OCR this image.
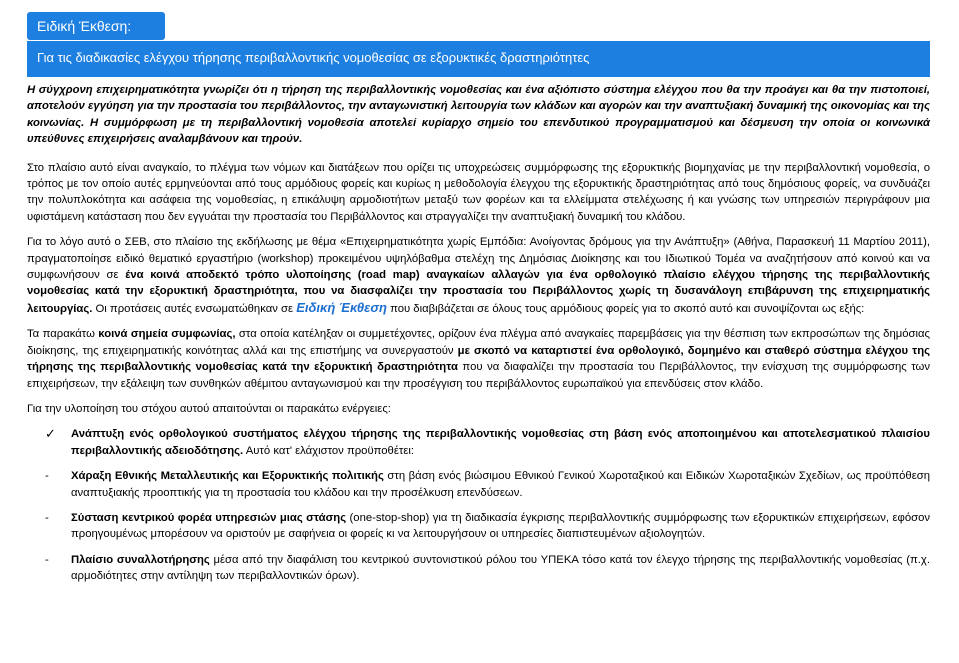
Ειδική Έκθεση:
Για τις διαδικασίες ελέγχου τήρησης περιβαλλοντικής νομοθεσίας σε εξορυκτικές δραστηριότητες

Η σύγχρονη επιχειρηματικότητα γνωρίζει ότι η τήρηση της περιβαλλοντικής νομοθεσίας και ένα αξιόπιστο σύστημα ελέγχου που θα την προάγει και θα την πιστοποιεί, αποτελούν εγγύηση για την προστασία του περιβάλλοντος, την ανταγωνιστική λειτουργία των κλάδων και αγορών και την αναπτυξιακή δυναμική της οικονομίας και της κοινωνίας. Η συμμόρφωση με τη περιβαλλοντική νομοθεσία αποτελεί κυρίαρχο σημείο του επενδυτικού προγραμματισμού και δέσμευση την οποία οι κοινωνικά υπεύθυνες επιχειρήσεις αναλαμβάνουν και τηρούν.

Στο πλαίσιο αυτό είναι αναγκαίο, το πλέγμα των νόμων και διατάξεων που ορίζει τις υποχρεώσεις συμμόρφωσης της εξορυκτικής βιομηχανίας με την περιβαλλοντική νομοθεσία, ο τρόπος με τον οποίο αυτές ερμηνεύονται από τους αρμόδιους φορείς και κυρίως η μεθοδολογία έλεγχου της εξορυκτικής δραστηριότητας από τους δημόσιους φορείς, να συνδυάζει την πολυπλοκότητα και ασάφεια της νομοθεσίας, η επικάλυψη αρμοδιοτήτων μεταξύ των φορέων και τα ελλείμματα στελέχωσης ή και γνώσης των υπηρεσιών περιγράφουν μια υφιστάμενη κατάσταση που δεν εγγυάται την προστασία του Περιβάλλοντος και στραγγαλίζει την αναπτυξιακή δυναμική του κλάδου.

Για το λόγο αυτό ο ΣΕΒ, στο πλαίσιο της εκδήλωσης με θέμα «Επιχειρηματικότητα χωρίς Εμπόδια: Ανοίγοντας δρόμους για την Ανάπτυξη» (Αθήνα, Παρασκευή 11 Μαρτίου 2011), πραγματοποίησε ειδικό θεματικό εργαστήριο (workshop) προκειμένου υψηλόβαθμα στελέχη της Δημόσιας Διοίκησης και του Ιδιωτικού Τομέα να αναζητήσουν από κοινού και να συμφωνήσουν σε ένα κοινά αποδεκτό τρόπο υλοποίησης (road map) αναγκαίων αλλαγών για ένα ορθολογικό πλαίσιο ελέγχου τήρησης της περιβαλλοντικής νομοθεσίας κατά την εξορυκτική δραστηριότητα, που να διασφαλίζει την προστασία του Περιβάλλοντος χωρίς τη δυσανάλογη επιβάρυνση της επιχειρηματικής λειτουργίας. Οι προτάσεις αυτές ενσωματώθηκαν σε Ειδική Έκθεση που διαβιβάζεται σε όλους τους αρμόδιους φορείς για το σκοπό αυτό και συνοψίζονται ως εξής:

Τα παρακάτω κοινά σημεία συμφωνίας, στα οποία κατέληξαν οι συμμετέχοντες, ορίζουν ένα πλέγμα από αναγκαίες παρεμβάσεις για την θέσπιση των εκπροσώπων της δημόσιας διοίκησης, της επιχειρηματικής κοινότητας αλλά και της επιστήμης να συνεργαστούν με σκοπό να καταρτιστεί ένα ορθολογικό, δομημένο και σταθερό σύστημα ελέγχου της τήρησης της περιβαλλοντικής νομοθεσίας κατά την εξορυκτική δραστηριότητα που να διαφαλίζει την προστασία του Περιβάλλοντος, την ενίσχυση της συμμόρφωσης των επιχειρήσεων, την εξάλειψη των συνθηκών αθέμιτου ανταγωνισμού και την προσέγγιση του περιβάλλοντος ευρωπαϊκού για επενδύσεις στον κλάδο.

Για την υλοποίηση του στόχου αυτού απαιτούνται οι παρακάτω ενέργειες:

✓ Ανάπτυξη ενός ορθολογικού συστήματος ελέγχου τήρησης της περιβαλλοντικής νομοθεσίας στη βάση ενός αποπoιημένου και αποτελεσματικού πλαισίου περιβαλλοντικής αδειοδότησης. Αυτό κατ' ελάχιστον προϋποθέτει:
- Χάραξη Εθνικής Μεταλλευτικής και Εξορυκτικής πολιτικής στη βάση ενός βιώσιμου Εθνικού Γενικού Χωροταξικού και Ειδικών Χωροταξικών Σχεδίων, ως προϋπόθεση αναπτυξιακής προοπτικής για τη προστασία του κλάδου και την προσέλκυση επενδύσεων.
- Σύσταση κεντρικού φορέα υπηρεσιών μιας στάσης (one-stop-shop) για τη διαδικασία έγκρισης περιβαλλοντικής συμμόρφωσης των εξορυκτικών επιχειρήσεων, εφόσον προηγουμένως μπορέσουν να οριστούν με σαφήνεια οι φορείς κι να λειτουργήσουν οι υπηρεσίες διαπιστευμένων αξιολογητών.
- Πλαίσιο συναλλοτήρησης μέσα από την διαφάλιση του κεντρικού συντονιστικού ρόλου του ΥΠΕΚΑ τόσο κατά τον έλεγχο τήρησης της περιβαλλοντικής νομοθεσίας (π.χ. αρμοδιότητες στην αντίληψη των περιβαλλοντικών όρων).
